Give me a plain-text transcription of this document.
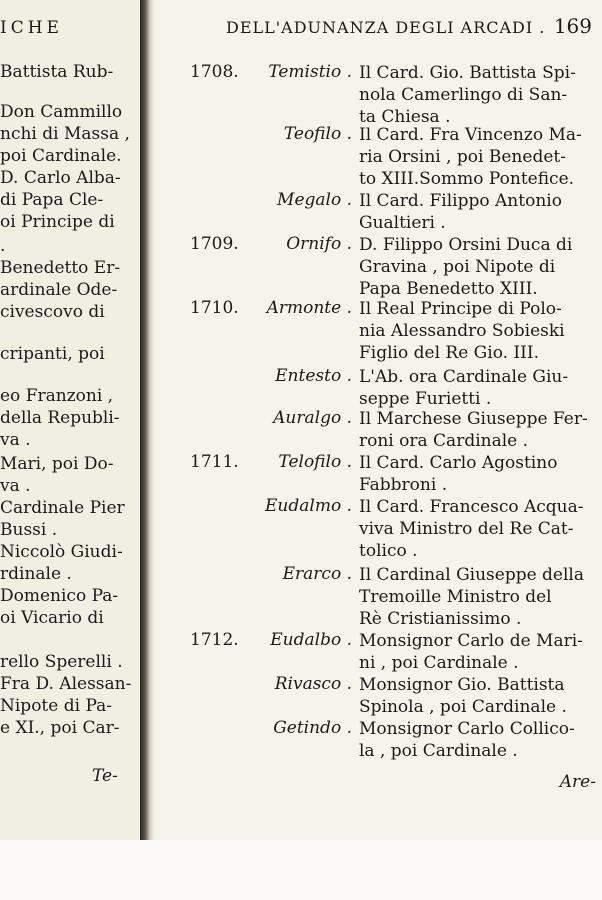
ICHE
Battista Rub-
Don Cammillo
nchi di Massa ,
poi Cardinale.
D. Carlo Alba-
di Papa Cle-
oi Principe di
.
Benedetto Er-
ardinale Ode-
civescovo di
cripanti, poi
eo Franzoni ,
della Republi-
va .
Mari, poi Do-
va .
Cardinale Pier
Bussi .
Niccolò Giudi-
rdinale .
Domenico Pa-
oi Vicario di
rello Sperelli .
Fra D. Alessan-
Nipote di Pa-
e XI., poi Car-
Te-
DELL'ADUNANZA DEGLI ARCADI . 169
1708.	Temistio . Il Card. Gio. Battista Spi-
nola Camerlingo di San-
ta Chiesa .
Teofilo . Il Card. Fra Vincenzo Ma-
ria Orsini , poi Benedet-
to XIII.Sommo Pontefice.
Megalo . Il Card. Filippo Antonio
Gualtieri .
1709.	Ornifo . D. Filippo Orsini Duca di
Gravina , poi Nipote di
Papa Benedetto XIII.
1710.	Armonte . Il Real Principe di Polo-
nia Alessandro Sobieski
Figlio del Re Gio. III.
Entesto . L'Ab. ora Cardinale Giu-
seppe Furietti .
Auralgo . Il Marchese Giuseppe Fer-
roni ora Cardinale .
1711.	Telofilo . Il Card. Carlo Agostino
Fabbroni .
Eudalmo . Il Card. Francesco Acqua-
viva Ministro del Re Cat-
tolico .
Erarco . Il Cardinal Giuseppe della
Tremoille Ministro del
Rè Cristianissimo .
1712.	Eudalbo . Monsignor Carlo de Mari-
ni , poi Cardinale .
Rivasco . Monsignor Gio. Battista
Spinola , poi Cardinale .
Getindo . Monsignor Carlo Collico-
la , poi Cardinale .
Are-
